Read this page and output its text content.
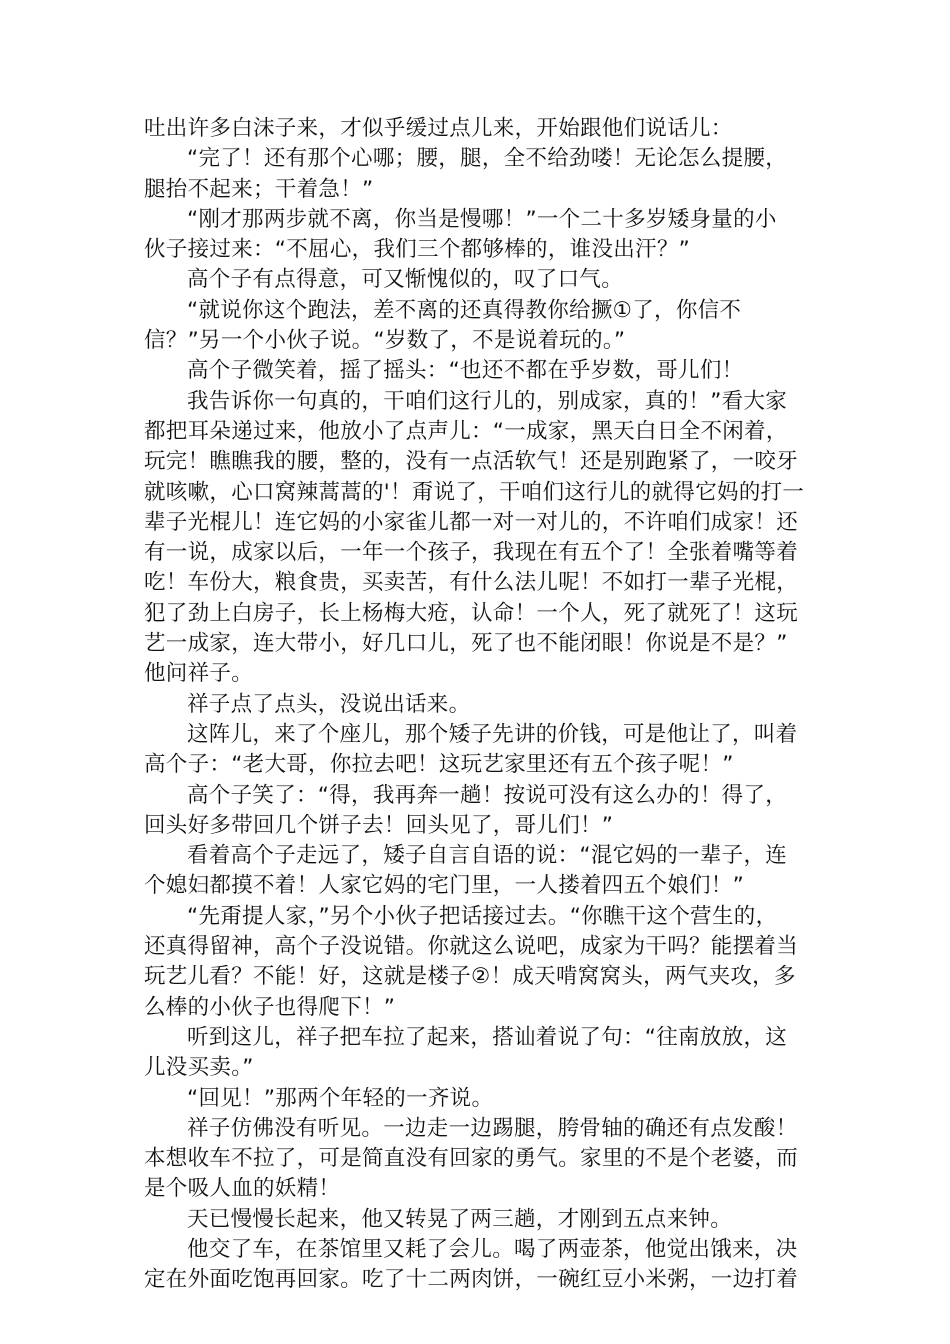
吐出许多白沫子来，才似乎缓过点儿来，开始跟他们说话儿：
“完了！还有那个心哪；腰，腿，全不给劲喽！无论怎么提腰，
腿抬不起来；干着急！”
“刚才那两步就不离，你当是慢哪！”一个二十多岁矮身量的小
伙子接过来：“不屈心，我们三个都够棒的，谁没出汗？”
高个子有点得意，可又惭愧似的，叹了口气。
“就说你这个跑法，差不离的还真得教你给撅①了，你信不
信？”另一个小伙子说。“岁数了，不是说着玩的。”
高个子微笑着，摇了摇头：“也还不都在乎岁数，哥儿们！
我告诉你一句真的，干咱们这行儿的，别成家，真的！”看大家
都把耳朵递过来，他放小了点声儿：“一成家，黑天白日全不闲着，
玩完！瞧瞧我的腰，整的，没有一点活软气！还是别跑紧了，一咬牙
就咳嗽，心口窝辣蒿蒿的'！甭说了，干咱们这行儿的就得它妈的打一
辈子光棍儿！连它妈的小家雀儿都一对一对儿的，不许咱们成家！还
有一说，成家以后，一年一个孩子，我现在有五个了！全张着嘴等着
吃！车份大，粮食贵，买卖苦，有什么法儿呢！不如打一辈子光棍，
犯了劲上白房子，长上杨梅大疮，认命！一个人，死了就死了！这玩
艺一成家，连大带小，好几口儿，死了也不能闭眼！你说是不是？”
他问祥子。
祥子点了点头，没说出话来。
这阵儿，来了个座儿，那个矮子先讲的价钱，可是他让了，叫着
高个子：“老大哥，你拉去吧！这玩艺家里还有五个孩子呢！”
高个子笑了：“得，我再奔一趟！按说可没有这么办的！得了，
回头好多带回几个饼子去！回头见了，哥儿们！”
看着高个子走远了，矮子自言自语的说：“混它妈的一辈子，连
个媳妇都摸不着！人家它妈的宅门里，一人搂着四五个娘们！”
“先甭提人家，”另个小伙子把话接过去。“你瞧干这个营生的，
还真得留神，高个子没说错。你就这么说吧，成家为干吗？能摆着当
玩艺儿看？不能！好，这就是楼子②！成天啃窝窝头，两气夹攻，多
么棒的小伙子也得爬下！”
听到这儿，祥子把车拉了起来，搭讪着说了句：“往南放放，这
儿没买卖。”
“回见！”那两个年轻的一齐说。
祥子仿佛没有听见。一边走一边踢腿，胯骨轴的确还有点发酸！
本想收车不拉了，可是简直没有回家的勇气。家里的不是个老婆，而
是个吸人血的妖精！
天已慢慢长起来，他又转晃了两三趟，才刚到五点来钟。
他交了车，在茶馆里又耗了会儿。喝了两壶茶，他觉出饿来，决
定在外面吃饱再回家。吃了十二两肉饼，一碗红豆小米粥，一边打着
